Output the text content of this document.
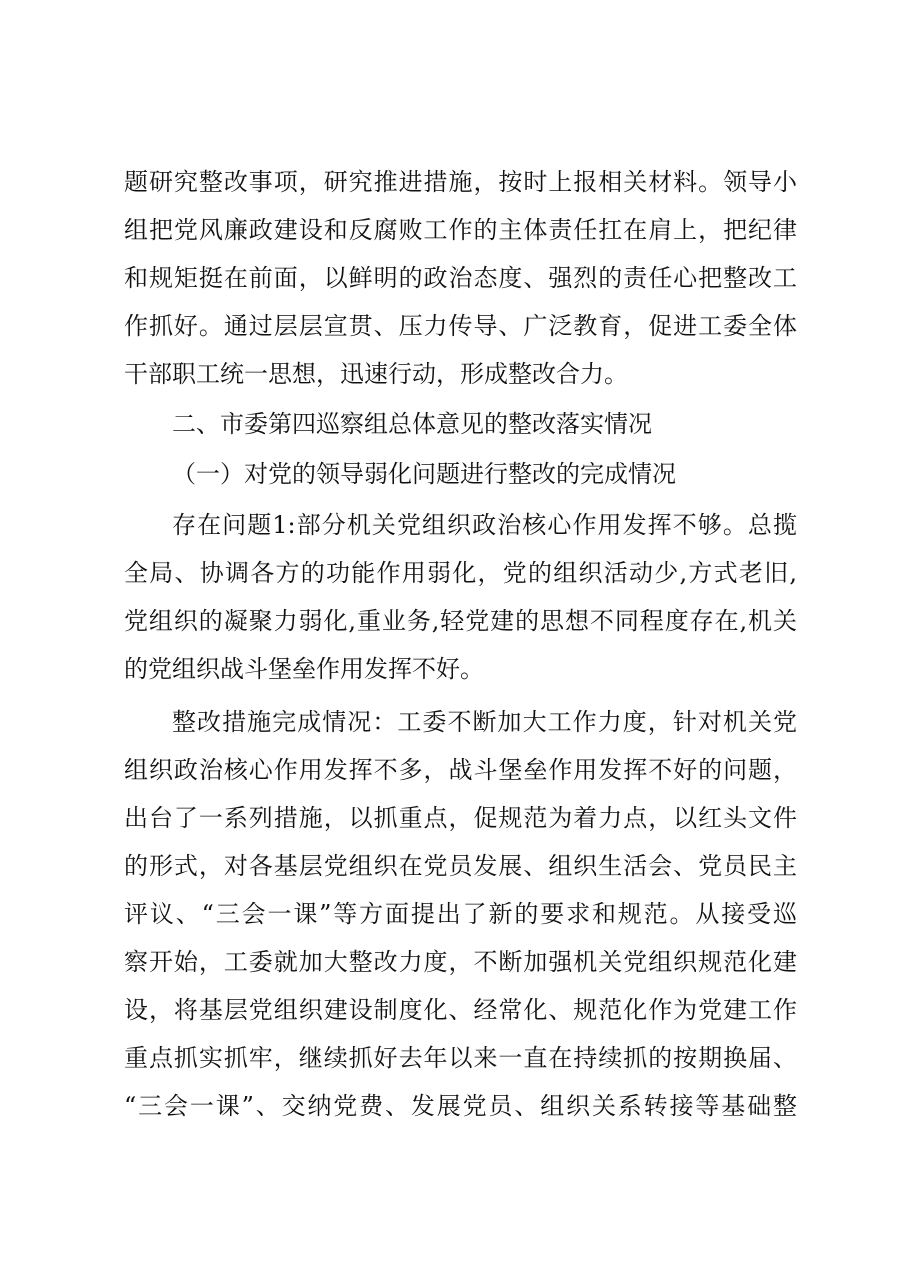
题研究整改事项，研究推进措施，按时上报相关材料。领导小
组把党风廉政建设和反腐败工作的主体责任扛在肩上，把纪律
和规矩挺在前面，以鲜明的政治态度、强烈的责任心把整改工
作抓好。通过层层宣贯、压力传导、广泛教育，促进工委全体
干部职工统一思想，迅速行动，形成整改合力。
二、市委第四巡察组总体意见的整改落实情况
（一）对党的领导弱化问题进行整改的完成情况
存在问题1:部分机关党组织政治核心作用发挥不够。总揽
全局、协调各方的功能作用弱化，党的组织活动少,方式老旧,
党组织的凝聚力弱化,重业务,轻党建的思想不同程度存在,机关
的党组织战斗堡垒作用发挥不好。
整改措施完成情况：工委不断加大工作力度，针对机关党
组织政治核心作用发挥不多，战斗堡垒作用发挥不好的问题，
出台了一系列措施，以抓重点，促规范为着力点，以红头文件
的形式，对各基层党组织在党员发展、组织生活会、党员民主
评议、“三会一课”等方面提出了新的要求和规范。从接受巡
察开始，工委就加大整改力度，不断加强机关党组织规范化建
设，将基层党组织建设制度化、经常化、规范化作为党建工作
重点抓实抓牢，继续抓好去年以来一直在持续抓的按期换届、
“三会一课”、交纳党费、发展党员、组织关系转接等基础整
